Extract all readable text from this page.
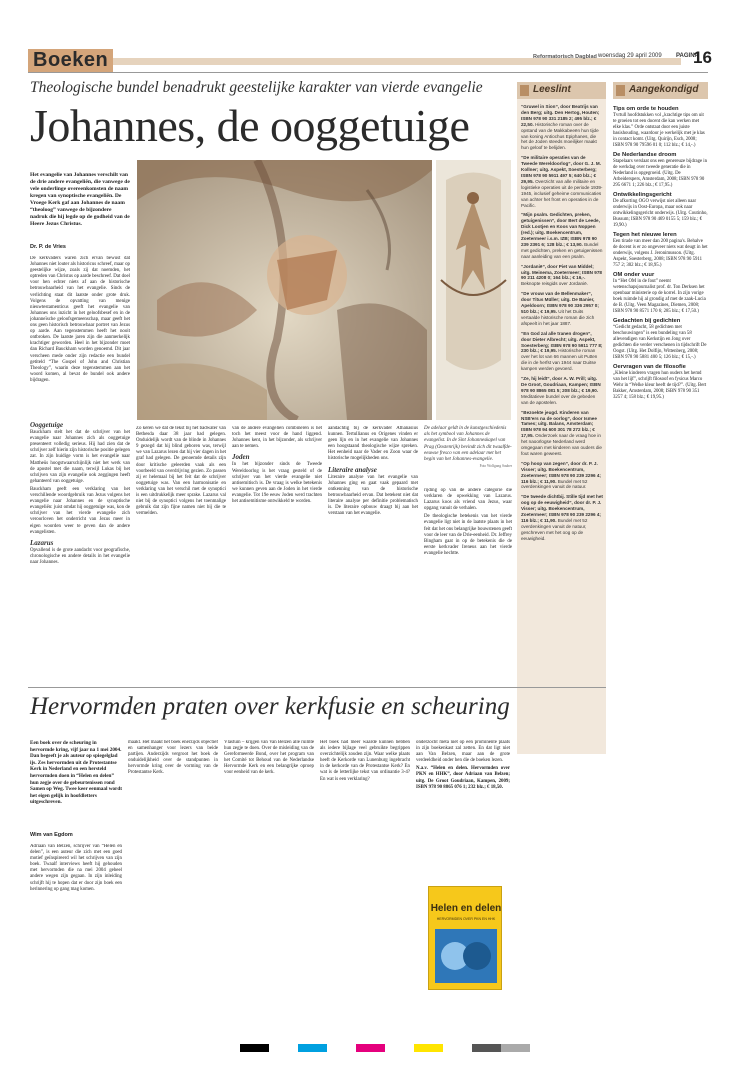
Boeken	Reformatorisch Dagblad woensdag 29 april 2009 PAGINA
16
Theologische bundel benadrukt geestelijke karakter van vierde evangelie
Johannes, de ooggetuige
Het evangelie van Johannes verschilt van de drie andere evangeliën, die vanwege de vele onderlinge overeenkomsten de naam kregen van synoptische evangeliën. De Vroege Kerk gaf aan Johannes de naam “theoloog” vanwege de bijzondere nadruk die hij legde op de godheid van de Heere Jezus Christus.
Dr. P. de Vries

De kerkvaders waren zich ervan bewust dat Johannes niet louter als historicus schreef, maar op geestelijke wijze, zoals zij dat noemden, het optreden van Christus op aarde beschreef. Dat doel voor hen echter niets af aan de historische betrouwbaarheid van het evangelie. Sinds de verlichting staat dit laatste onder grote druk. Volgens de opvatting van menige nieuwtestamenticus geeft het evangelie van Johannes ons inzicht in het geloofsbesef en in de johanneïsche geloofsgemeenschap, maar geeft het ons geen historisch betrouwbaar portret van Jezus op aarde. Aan tegenstemmen heeft het nooit ontbroken. De laatste jaren zijn die aanmerkelijk krachtiger geworden. Heel in het bijzonder moet dan Richard Bauckham worden genoemd. Dit jaar verscheen mede onder zijn redactie een bundel getiteld “The Gospel of John and Christian Theology”, waarin deze tegenstemmen aan het woord komen, al bevat de bundel ook andere bijdragen.

Ooggetuige

Bauckham stelt het dat de schrijver van het evangelie naar Johannes zich als ooggetuige presenteert volledig serieus. Hij had zien dat de schrijver zelf hierin zijn historische positie gelegen zat. In zijn huidige vorm is het evangelie naar Mattheüs hoogstwaarschijnlijk niet het werk van de apostel met die naam, terwijl Lukas bij het schrijven van zijn evangelie ook zeggingen heeft gehanteerd van ooggetuige.

Bauckham geeft een verklaring van het verschillende woordgebruik van Jezus volgens het evangelie naar Johannes en de synoptische evangeliën: juist omdat hij ooggetuige was, kon de schrijver van het vierde evangelie zich veroorloven het onderricht van Jezus meer in eigen woorden weer te geven dan de andere evangelisten.

Lazarus

Opvallend is de grote aandacht voor geografische, chronologische en andere details in het evangelie naar Johannes.

Zo keren we dat de tekst bij het badwater van Bethesda daar 38 jaar had gelegen. Onduidelijk wordt van de blinde in Johannes 9 gezegd dat hij blind geboren was, terwijl we van Lazarus lezen dat hij vier dagen in het graf had gelegen. De genoemde details zijn door kritische geleerden vaak als een voorbeeld van overdrijving gezien. Zo passen zij er helemaal bij het feit dat de schrijver ooggetuige was. Van een harmonisatie en verklaring van het verschil met de synoptici is een uitdrukkelijk meer sprake. Lazarus val niet bij de synoptici volgens het toenmalige gebruik dat zijn fijne namen niet bij die te vermelden.

van de andere evangeliën combineren is het toch het meest voor de hand liggend. Johannes kent, in het bijzonder, als schrijver aan te nemen.

Joden

In het bijzonder sinds de Tweede Wereldoorlog is het vraag gesteld of de schrijver van het vierde evangelie niet antisemitisch is. De vraag is welke betekenis we kunnen geven aan de Joden in het vierde evangelie. Tot 19e eeuw Joden werd trachten het antisemitisme ontwikkeld te worden.

aandachtig bij de kerkvader Athanasius kunnen. Tertullianus en Origenes vinden er geen lijn en in het evangelie van Johannes een hoogstaand theologische wijze spreken. Het eenheid naar de Vader en Zoon waar de historische mogelijkheden ons.

Literaire analyse

Literaire analyse van het evangelie van Johannes ging en gaat vaak gepaard met ontkenning van de historische betrouwbaarheid ervan. Dat betekent niet dat literaire analyse per definitie problematisch is. De literaire opbouw draagt bij aan het verstaan van het evangelie.

De adelaar geldt in de kunstgeschiedenis als het symbool van Johannes de evangelist. In de Sint Johanneskapel van Prag (Oostenrijk) bevindt zich dit twaalfde-eeuwse fresco van een adelaar met het begin van het Johannes-evangelie.
Foto Wolfgang Sauber

rijding op van de andere categorie die verklaren de opwekking van Lazarus. Lazarus koos als vriend van Jezus, waar opgang vanuit de verhalen.

De theologische betekenis van het vierde evangelie ligt niet in de laatste plaats in het feit dat het ons belangrijke bouwstenen geeft voor de leer van de Drie-eenheid. Dr. Jeffrey Bingham gaat in op de betekenis die de eerste kerkvader Ireneus aan het vierde evangelie hechtte.

Leeslint

“Gruwel in Sion”, door Beatrijs van den Berg; uitg. Den Hertog, Houten; ISBN 978 90 331 2185 2; 495 blz.; € 22,50. Historische roman over de opstand van de Makkabeeën hun tijde van koning Antiochus Epiphanes, die het de Joden steeds moeilijker maakt hun geloof te belijden.

“De militaire operaties van de Tweede Wereldoorlog”, door G. J. M. Kollner; uitg. Aspekt, Soesterberg; ISBN 978 90 5911 497 5; 640 blz.; € 29,95. Overzicht van alle militaire en logistieke operaties uit de periode 1939-1945, inclusief geheime communicaties van achter het front en operaties in de Pacific.

“Mijn psalm. Gedichten, preken, getuigenissen”, door Bert de Leede, Dick Lootjen en Koos van Noppen (red.); uitg. Boekencentrum, Zoetermeer i.s.m. IZB; ISBN 978 90 239 2391 6; 128 blz.; € 13,90. Bundel met gedichten, preken en getuigenissen naar aanleiding van een psalm.

“Jordanië”, door Piet van Middel; uitg. Meinema, Zoetermeer; ISBN 978 90 211 4208 0; 164 blz.; € 16,-. Beknopte reisgids over Jordanië.

“De vrouw van de Bellenmaker”, door Titus Müller; uitg. De Banier, Apeldoorn; ISBN 978 90 336 2957 0; 510 blz.; € 19,95. Uit het Duits vertaalde historische roman die zich afspeelt in het jaar 1887.

“En God zal alle tranen drogen”, door Dieter Albrecht; uitg. Aspekt, Soesterberg; ISBN 978 90 5911 777 8; 230 blz.; € 19,95. Historische roman over het lot van 66 mannen uit Putten die in de herfst van 1944 naar Duitse kampen werden gevoerd.

“Ze, hij leidt”, door A. W. Prill; uitg. De Groot, Goudriaan, Kampen; ISBN 978 90 8865 081 5; 208 blz.; € 19,90. Meditatieve bundel over de gebeden van de apostelen.

“Bezoekte jeugd. Kinderen van NSB'ers na de oorlog”, door Ismee Tames; uitg. Balans, Amsterdam; ISBN 978 94 600 301 78 272 blz.; € 17,95. Onderzoek naar de vraag hoe in het naoorlogse Nederland werd omgegaan met kinderen van ouders die fout waren geweest.

“Op hoop van zegen”, door dr. P. J. Visser; uitg. Boekencentrum, Zoetermeer; ISBN 978 90 239 2296 4; 116 blz.; € 11,90. Bundel met 52 overdenkingen vanuit de natuur.

“De tweede dichtbij. Stille tijd met het oog op de eeuwigheid”, door dr. P. J. Visser; uitg. Boekencentrum, Zoetermeer; ISBN 978 90 239 2296 4; 116 blz.; € 11,90. Bundel met 52 overdenkingen vanuit de natuur, geschreven met het oog op de eeuwigheid.

Aangekondigd
Tips om orde te houden

Tvrtull hoofdstukken vol „krachtige tips om uit te groeien tot een docent die kan werken met elke klas.” Orde ontstaat door een juiste basishouding, waardoor je werkelijk met je klas in contact komt. (Uitg. Quirijn, Esch, 2008; ISBN 978 90 79596 01 0; 112 blz.; € 14,-.)

De Nederlandse droom

Stapelaars verslaat ons een genereuze bijdrage in de werkdag over tweede generatie die in Nederland is opgegroeid. (Uitg. De Arbeiderspers, Amsterdam, 2008; ISBN 978 90 295 6671 1; 226 blz.; € 17,95.)

Ontwikkelingsgericht

De afkorting OGO verwijst niet alleen naar onderwijs in Oost-Europa, maar ook naar ontwikkelingsgericht onderwijs. (Uitg. Coutinho, Bussum; ISBN 978 90 469 0155 5; 159 blz.; € 19,90.)

Tegen het nieuwe leren

Een tirade van meer dan 200 pagina's. Behalve de docent is er zo ongeveer niets wat deugt in het onderwijs, volgens J. Jeronimusson. (Uitg. Aspekt, Soesterberg, 2008; ISBN 978 90 5911 757 2; 302 blz.; € 18,95.)

OM onder vuur

In “Het OM in de fout” neemt wetenschapsjournalist prof. dr. Ton Derksen het openbaar ministerie op de korrel. In zijn vorige boek ruimde hij al grondig af met de zaak-Lucia de B. (Uitg. Veen Magazines, Diemen, 2008; ISBN 978 90 8571 170 6; 285 blz.; € 17,50.)

Gedachten bij gedichten

“Gedicht gedacht, 58 gedichten met beschouwingen” is een bundeling van 58 allevendigen van Kerkstijn en Jong over gedichten die verder verschenen in tijdschrift De Oogst. (Uitg. Het Dolfijn, Wittenberg, 2008; ISBN 978 90 5881 400 5; 126 blz.; € 15,-.)

Oervragen van de filosofie

„Kleine kinderen vragen hun ouders het hemd van het lijf”, schrijft filosoof en fysicus Marco Wehr in “Welke kleur heeft de tijd?”. (Uitg. Bert Bakker, Amsterdam, 2008; ISBN 978 90 351 3257 4; 158 blz.; € 19,95.)

Hervormden praten over kerkfusie en scheuring
Een boek over de scheuring in hervormde kring, vijf jaar na 1 mei 2004. Dan begeeft je als auteur op spiegelglad ijs. Zes hervormden uit de Protestantse Kerk in Nederland en een hersteld hervormden doen in “Helen en delen” hun zegje over de gebeurtenissen rond Samen op Weg. Twee keer eenmaal wordt het eigen gelijk in hoofdletters uitgeschreven.
Wim van Egdom

Adriaan van Belzen, schrijver van “Helen en delen”, is een auteur die zich met een goed motief geïnspireerd wil het schrijven van zijn boek. Twaalf interviews heeft hij gehouden met hervormden die na mei 2004 geheel andere wegen zijn gegaan. In zijn inleiding schrijft hij te hopen dat er door zijn boek een herinnering op gang mag komen.

maakt. Het maakt het boek enerzijds objectief en samenhanger voor lezers van beide partijen. Anderzijds vergroot het boek de onduidelijkheid over de standpunten in hervormde kring over de vorming van de Protestantse Kerk.

Vlastuin – krijgen van Van Belzen alle ruimte hun zegje te doen. Over de misleiding van de Gereformeerde Bond, over het program van het Comité tot Behoud van de Nederlandse Hervormde Kerk en een belangrijke oproep voor eenheid van de kerk.

Het boek had meer waarde kunnen hebben als iedere bijlage veel gebruikte begrippen overzichtelijk zouden zijn. Waar welke plaats heeft de Kerkorde van Lunenburg ingebracht in de kerkorde van de Protestantse Kerk? En wat is de letterlijke tekst van ordinantie 3-4? En wat is een verklaring?

onderzocht meta niet op een prominente plaats in zijn boekenkast zal zetten. En dat ligt niet aan Van Belzen, maar aan de grote verdeeldheid onder hen die de boeken lezen.

N.a.v. “Helen en delen. Hervormden over PKN en HHK”, door Adriaan van Belzen; uitg. De Groot Goudriaan, Kampen, 2009; ISBN 978 90 8865 076 1; 232 blz.; € 18,50.

Helen en delen
HERVORMDEN OVER PKN EN HHK
